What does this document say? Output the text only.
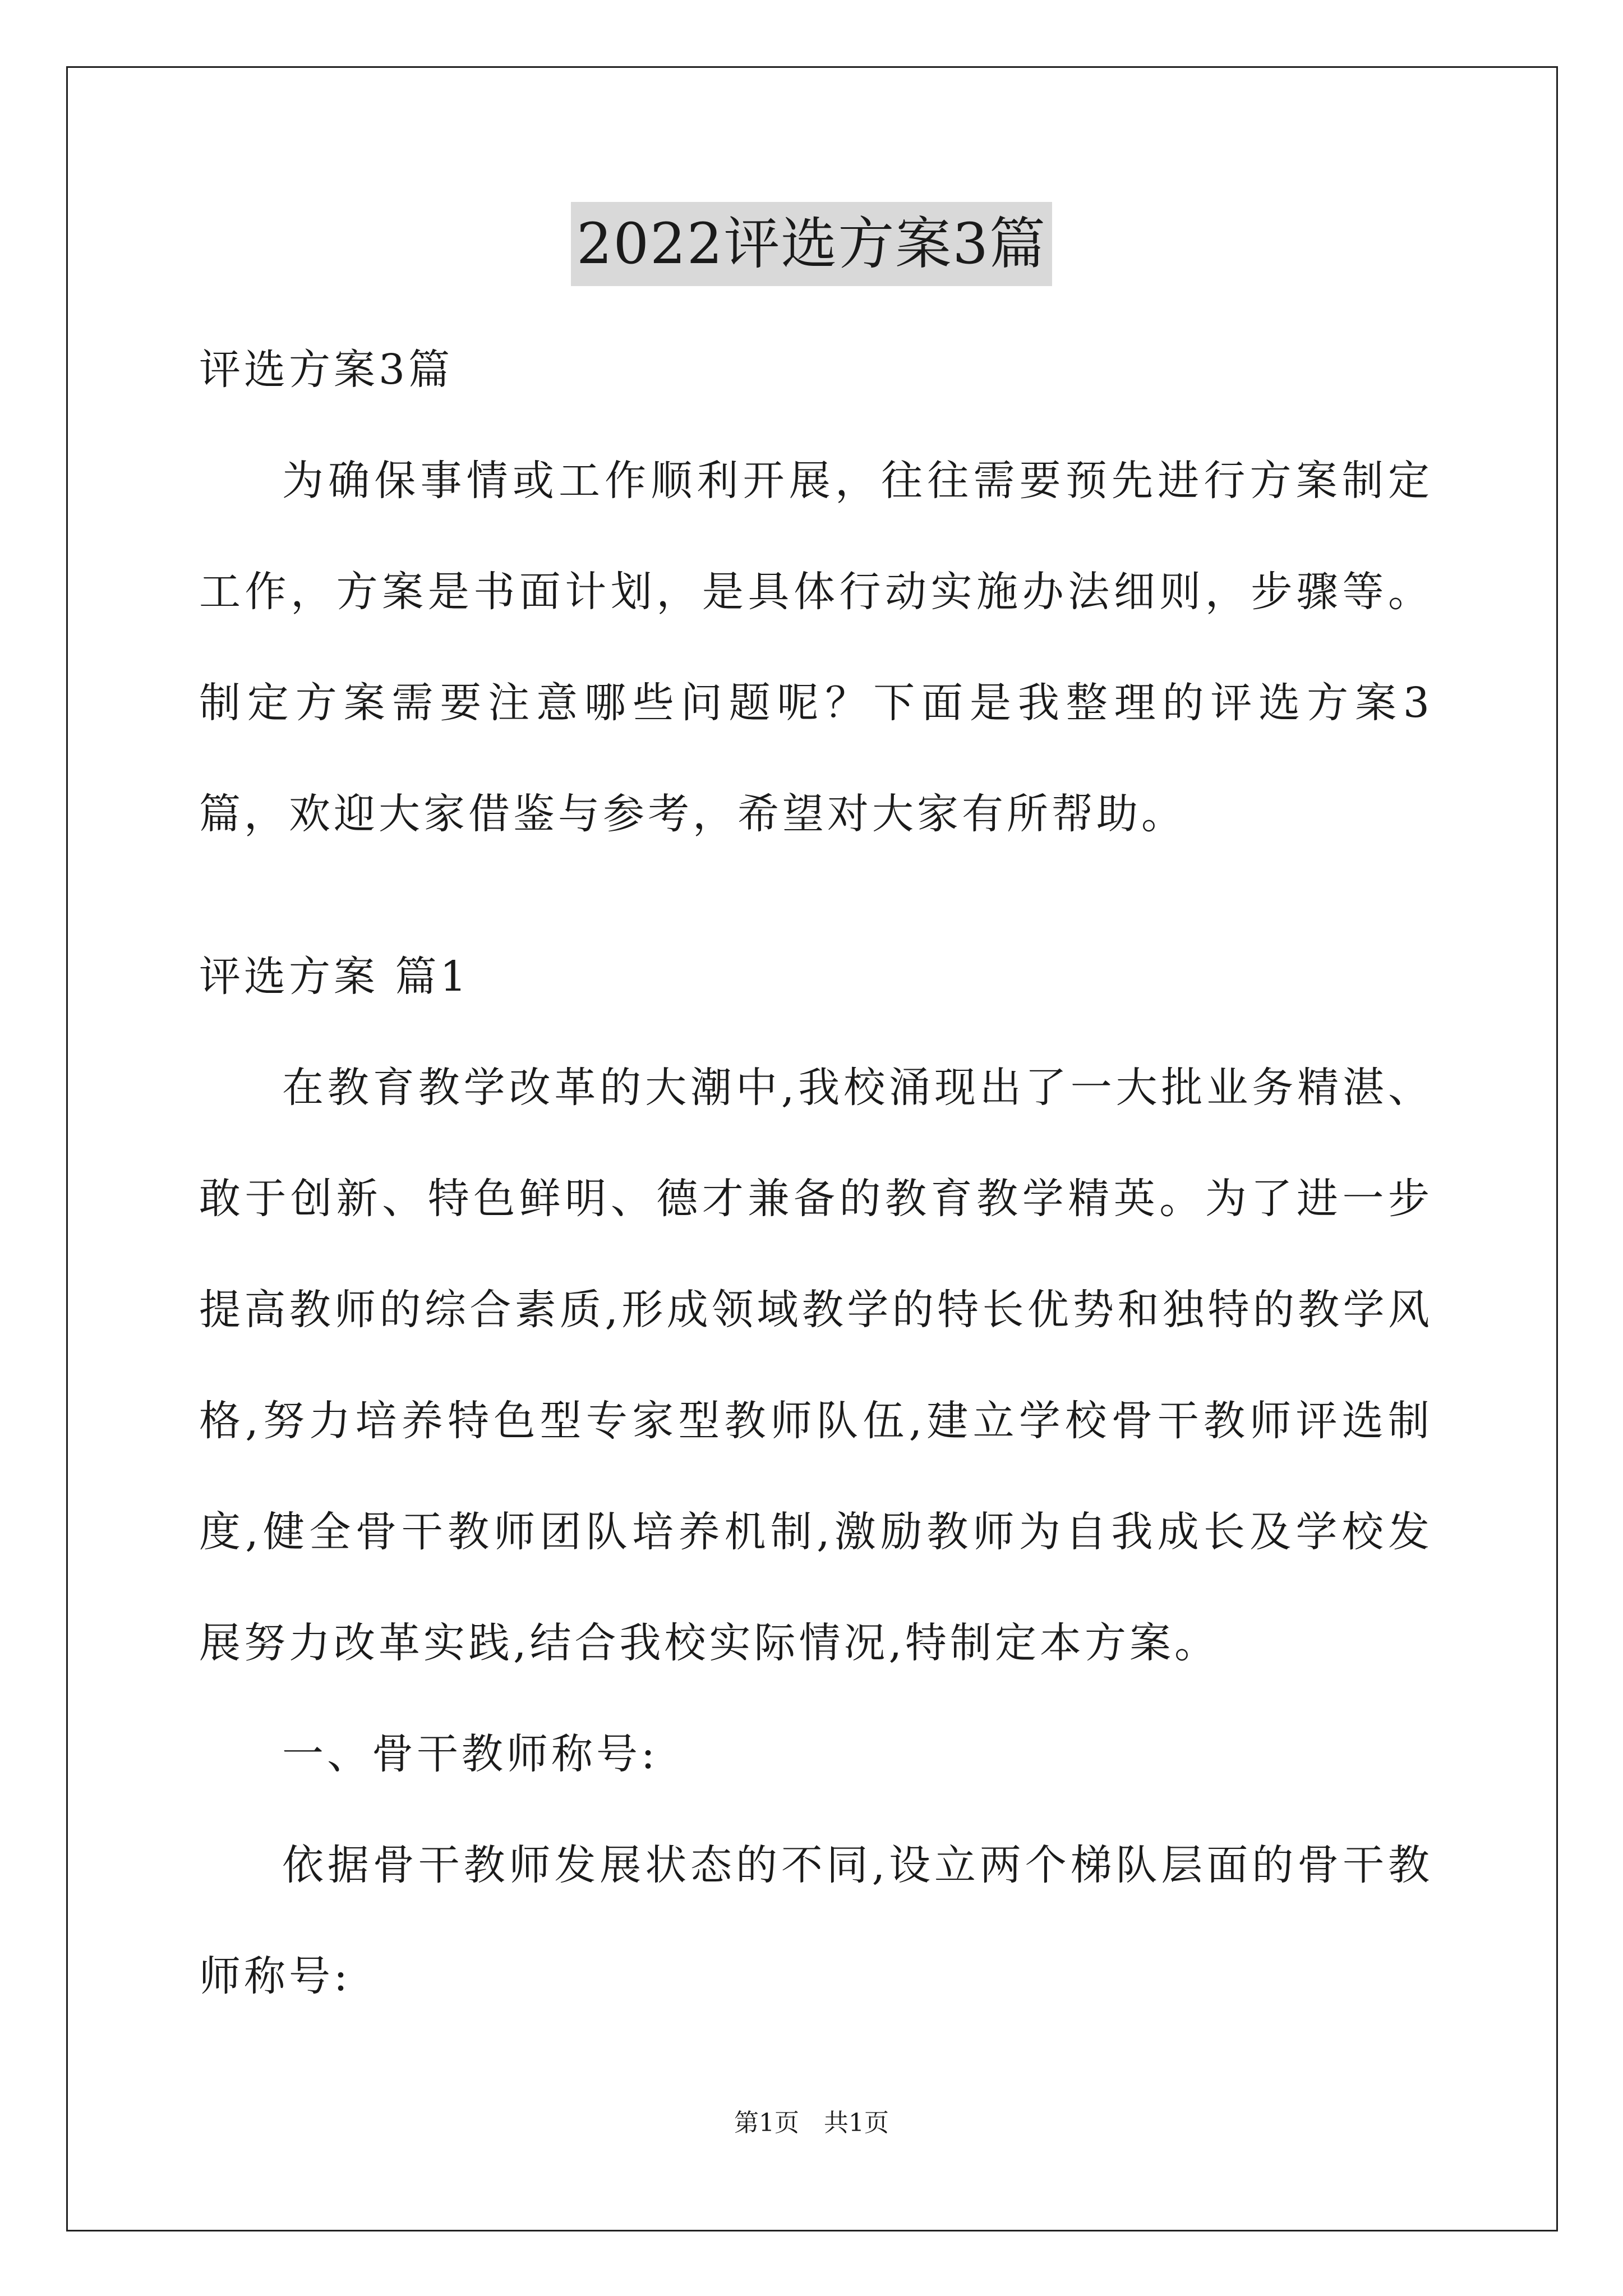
2022评选方案3篇

评选方案3篇

为确保事情或工作顺利开展，往往需要预先进行方案制定工作，方案是书面计划，是具体行动实施办法细则，步骤等。制定方案需要注意哪些问题呢？下面是我整理的评选方案3篇，欢迎大家借鉴与参考，希望对大家有所帮助。

评选方案 篇1

在教育教学改革的大潮中,我校涌现出了一大批业务精湛、敢于创新、特色鲜明、德才兼备的教育教学精英。为了进一步提高教师的综合素质,形成领域教学的特长优势和独特的教学风格,努力培养特色型专家型教师队伍,建立学校骨干教师评选制度,健全骨干教师团队培养机制,激励教师为自我成长及学校发展努力改革实践,结合我校实际情况,特制定本方案。

一、骨干教师称号:

依据骨干教师发展状态的不同,设立两个梯队层面的骨干教师称号:

第1页　共1页
